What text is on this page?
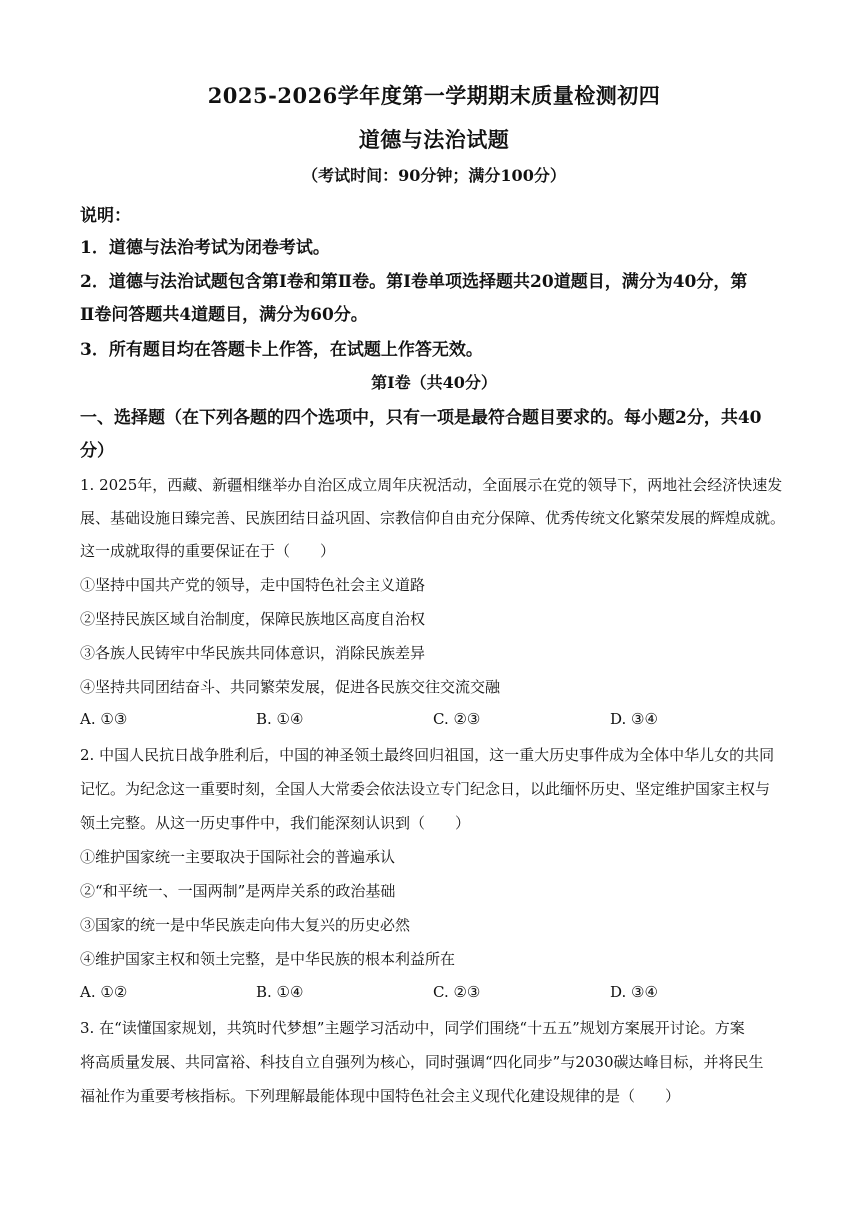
2025-2026学年度第一学期期末质量检测初四
道德与法治试题
（考试时间：90分钟；满分100分）
说明：
1．道德与法治考试为闭卷考试。
2．道德与法治试题包含第Ⅰ卷和第Ⅱ卷。第Ⅰ卷单项选择题共20道题目，满分为40分，第
Ⅱ卷问答题共4道题目，满分为60分。
3．所有题目均在答题卡上作答，在试题上作答无效。
第Ⅰ卷（共40分）
一、选择题（在下列各题的四个选项中，只有一项是最符合题目要求的。每小题2分，共40
分）
1. 2025年，西藏、新疆相继举办自治区成立周年庆祝活动，全面展示在党的领导下，两地社会经济快速发
展、基础设施日臻完善、民族团结日益巩固、宗教信仰自由充分保障、优秀传统文化繁荣发展的辉煌成就。
这一成就取得的重要保证在于（　　）
①坚持中国共产党的领导，走中国特色社会主义道路
②坚持民族区域自治制度，保障民族地区高度自治权
③各族人民铸牢中华民族共同体意识，消除民族差异
④坚持共同团结奋斗、共同繁荣发展，促进各民族交往交流交融
A. ①③	B. ①④	C. ②③	D. ③④
2. 中国人民抗日战争胜利后，中国的神圣领土最终回归祖国，这一重大历史事件成为全体中华儿女的共同
记忆。为纪念这一重要时刻，全国人大常委会依法设立专门纪念日，以此缅怀历史、坚定维护国家主权与
领土完整。从这一历史事件中，我们能深刻认识到（　　）
①维护国家统一主要取决于国际社会的普遍承认
②“和平统一、一国两制”是两岸关系的政治基础
③国家的统一是中华民族走向伟大复兴的历史必然
④维护国家主权和领土完整，是中华民族的根本利益所在
A. ①②	B. ①④	C. ②③	D. ③④
3. 在“读懂国家规划，共筑时代梦想”主题学习活动中，同学们围绕“十五五”规划方案展开讨论。方案
将高质量发展、共同富裕、科技自立自强列为核心，同时强调“四化同步”与2030碳达峰目标，并将民生
福祉作为重要考核指标。下列理解最能体现中国特色社会主义现代化建设规律的是（　　）
